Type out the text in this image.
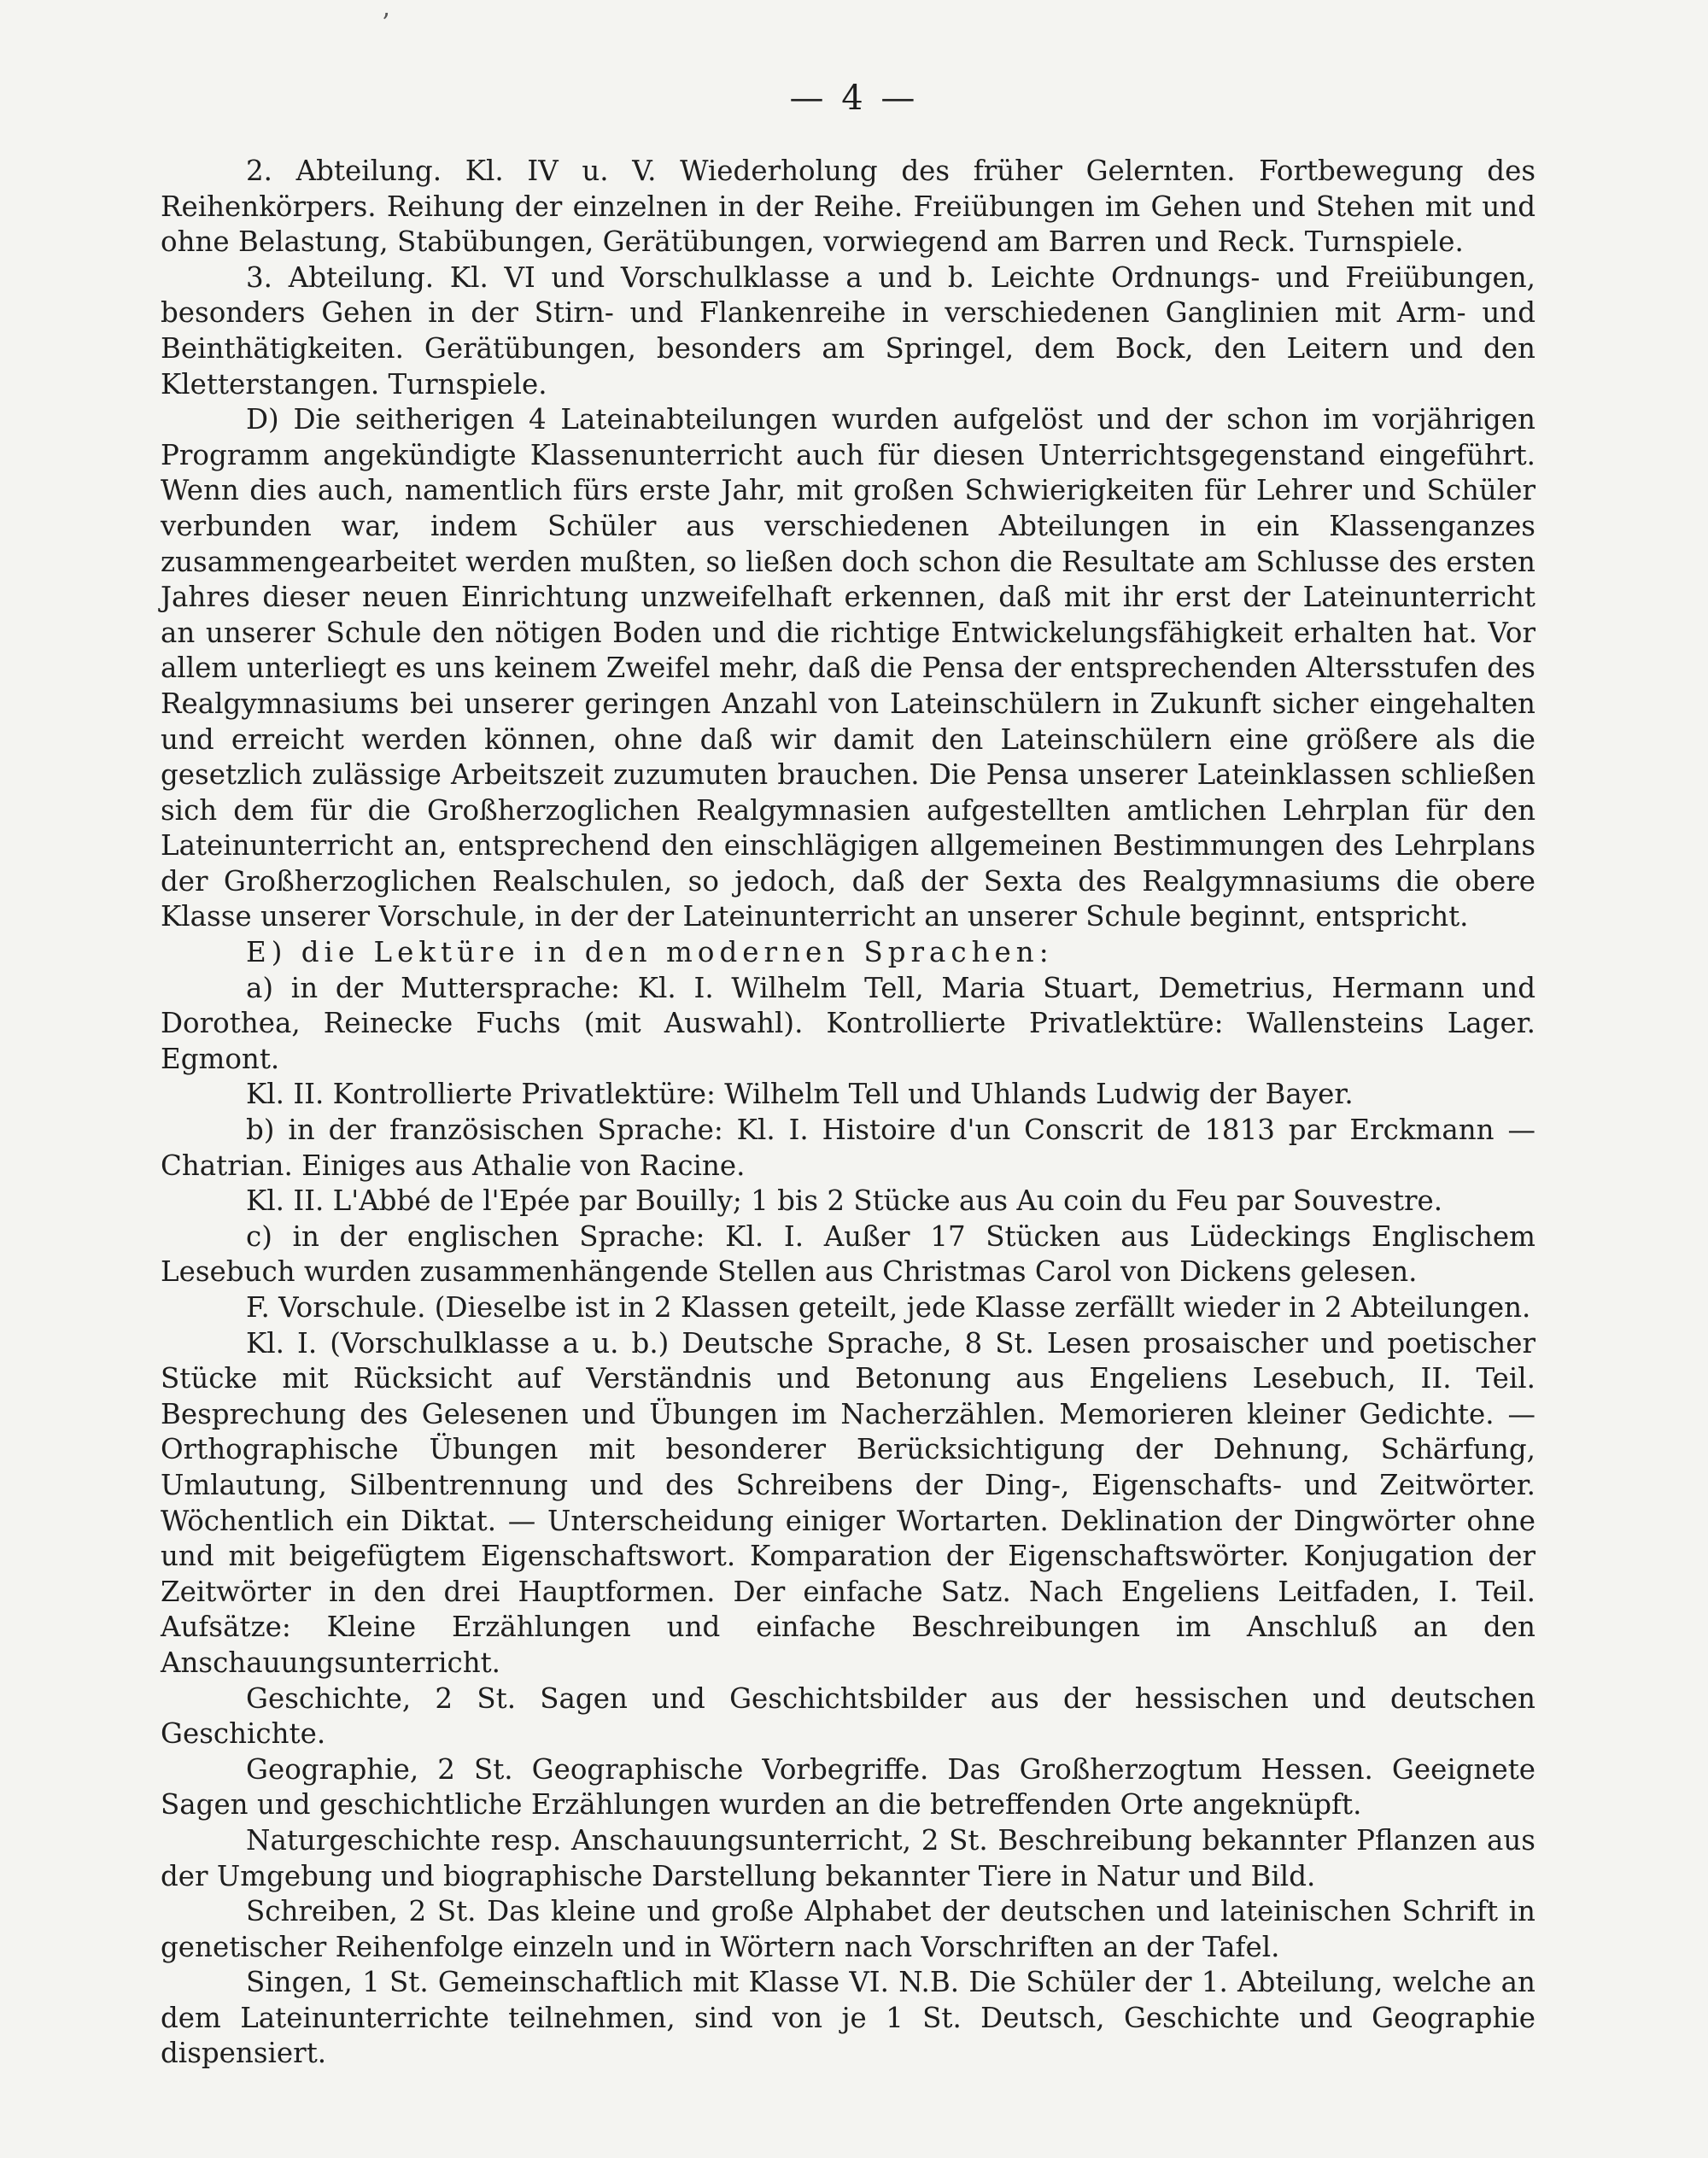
’
— 4 —

2. Abteilung. Kl. IV u. V. Wiederholung des früher Gelernten. Fortbewegung des Reihenkörpers. Reihung der einzelnen in der Reihe. Freiübungen im Gehen und Stehen mit und ohne Belastung, Stabübungen, Gerätübungen, vorwiegend am Barren und Reck. Turnspiele.

3. Abteilung. Kl. VI und Vorschulklasse a und b. Leichte Ordnungs- und Freiübungen, besonders Gehen in der Stirn- und Flankenreihe in verschiedenen Ganglinien mit Arm- und Beinthätigkeiten. Gerätübungen, besonders am Springel, dem Bock, den Leitern und den Kletterstangen. Turnspiele.

D) Die seitherigen 4 Lateinabteilungen wurden aufgelöst und der schon im vorjährigen Programm angekündigte Klassenunterricht auch für diesen Unterrichtsgegenstand eingeführt. Wenn dies auch, namentlich fürs erste Jahr, mit großen Schwierigkeiten für Lehrer und Schüler verbunden war, indem Schüler aus verschiedenen Abteilungen in ein Klassenganzes zusammengearbeitet werden mußten, so ließen doch schon die Resultate am Schlusse des ersten Jahres dieser neuen Einrichtung unzweifelhaft erkennen, daß mit ihr erst der Lateinunterricht an unserer Schule den nötigen Boden und die richtige Entwickelungsfähigkeit erhalten hat. Vor allem unterliegt es uns keinem Zweifel mehr, daß die Pensa der entsprechenden Altersstufen des Realgymnasiums bei unserer geringen Anzahl von Lateinschülern in Zukunft sicher eingehalten und erreicht werden können, ohne daß wir damit den Lateinschülern eine größere als die gesetzlich zulässige Arbeitszeit zuzumuten brauchen. Die Pensa unserer Lateinklassen schließen sich dem für die Großherzoglichen Realgymnasien aufgestellten amtlichen Lehrplan für den Lateinunterricht an, entsprechend den einschlägigen allgemeinen Bestimmungen des Lehrplans der Großherzoglichen Realschulen, so jedoch, daß der Sexta des Realgymnasiums die obere Klasse unserer Vorschule, in der der Lateinunterricht an unserer Schule beginnt, entspricht.

E) die Lektüre in den modernen Sprachen:

a) in der Muttersprache: Kl. I. Wilhelm Tell, Maria Stuart, Demetrius, Hermann und Dorothea, Reinecke Fuchs (mit Auswahl). Kontrollierte Privatlektüre: Wallensteins Lager. Egmont.

Kl. II. Kontrollierte Privatlektüre: Wilhelm Tell und Uhlands Ludwig der Bayer.

b) in der französischen Sprache: Kl. I. Histoire d'un Conscrit de 1813 par Erckmann — Chatrian. Einiges aus Athalie von Racine.

Kl. II. L'Abbé de l'Epée par Bouilly; 1 bis 2 Stücke aus Au coin du Feu par Souvestre.

c) in der englischen Sprache: Kl. I. Außer 17 Stücken aus Lüdeckings Englischem Lesebuch wurden zusammenhängende Stellen aus Christmas Carol von Dickens gelesen.

F. Vorschule. (Dieselbe ist in 2 Klassen geteilt, jede Klasse zerfällt wieder in 2 Abteilungen.

Kl. I. (Vorschulklasse a u. b.) Deutsche Sprache, 8 St. Lesen prosaischer und poetischer Stücke mit Rücksicht auf Verständnis und Betonung aus Engeliens Lesebuch, II. Teil. Besprechung des Gelesenen und Übungen im Nacherzählen. Memorieren kleiner Gedichte. — Orthographische Übungen mit besonderer Berücksichtigung der Dehnung, Schärfung, Umlautung, Silbentrennung und des Schreibens der Ding-, Eigenschafts- und Zeitwörter. Wöchentlich ein Diktat. — Unterscheidung einiger Wortarten. Deklination der Dingwörter ohne und mit beigefügtem Eigenschaftswort. Komparation der Eigenschaftswörter. Konjugation der Zeitwörter in den drei Hauptformen. Der einfache Satz. Nach Engeliens Leitfaden, I. Teil. Aufsätze: Kleine Erzählungen und einfache Beschreibungen im Anschluß an den Anschauungsunterricht.

Geschichte, 2 St. Sagen und Geschichtsbilder aus der hessischen und deutschen Geschichte.

Geographie, 2 St. Geographische Vorbegriffe. Das Großherzogtum Hessen. Geeignete Sagen und geschichtliche Erzählungen wurden an die betreffenden Orte angeknüpft.

Naturgeschichte resp. Anschauungsunterricht, 2 St. Beschreibung bekannter Pflanzen aus der Umgebung und biographische Darstellung bekannter Tiere in Natur und Bild.

Schreiben, 2 St. Das kleine und große Alphabet der deutschen und lateinischen Schrift in genetischer Reihenfolge einzeln und in Wörtern nach Vorschriften an der Tafel.

Singen, 1 St. Gemeinschaftlich mit Klasse VI. N.B. Die Schüler der 1. Abteilung, welche an dem Lateinunterrichte teilnehmen, sind von je 1 St. Deutsch, Geschichte und Geographie dispensiert.
